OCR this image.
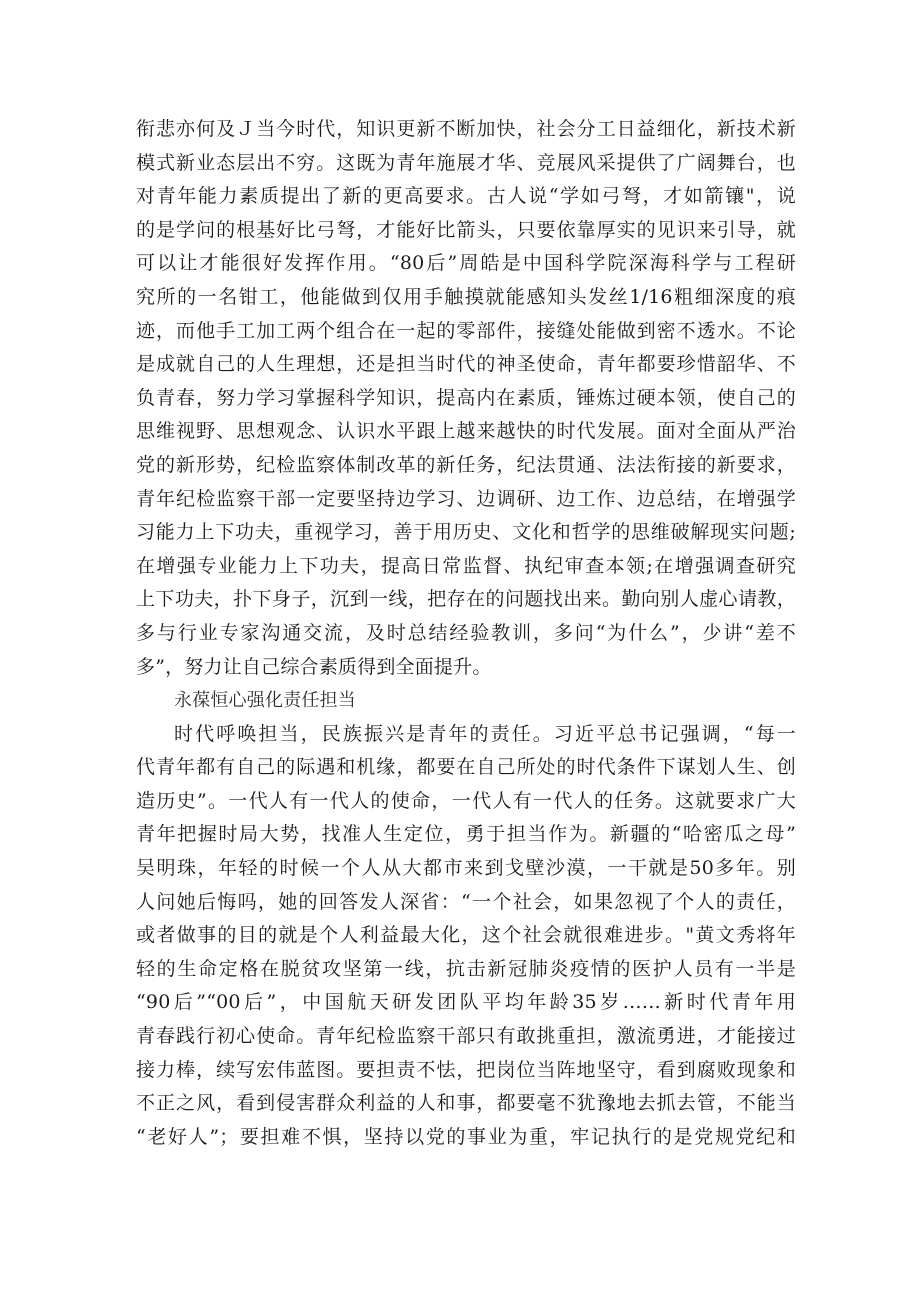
衔悲亦何及Ｊ当今时代，知识更新不断加快，社会分工日益细化，新技术新
模式新业态层出不穷。这既为青年施展才华、竞展风采提供了广阔舞台，也
对青年能力素质提出了新的更高要求。古人说“学如弓弩，才如箭镶"，说
的是学问的根基好比弓弩，才能好比箭头，只要依靠厚实的见识来引导，就
可以让才能很好发挥作用。“80后”周皓是中国科学院深海科学与工程研
究所的一名钳工，他能做到仅用手触摸就能感知头发丝1/16粗细深度的痕
迹，而他手工加工两个组合在一起的零部件，接缝处能做到密不透水。不论
是成就自己的人生理想，还是担当时代的神圣使命，青年都要珍惜韶华、不
负青春，努力学习掌握科学知识，提高内在素质，锤炼过硬本领，使自己的
思维视野、思想观念、认识水平跟上越来越快的时代发展。面对全面从严治
党的新形势，纪检监察体制改革的新任务，纪法贯通、法法衔接的新要求，
青年纪检监察干部一定要坚持边学习、边调研、边工作、边总结，在增强学
习能力上下功夫，重视学习，善于用历史、文化和哲学的思维破解现实问题;
在增强专业能力上下功夫，提高日常监督、执纪审查本领;在增强调查研究
上下功夫，扑下身子，沉到一线，把存在的问题找出来。勤向别人虚心请教，
多与行业专家沟通交流，及时总结经验教训，多问“为什么”，少讲“差不
多”，努力让自己综合素质得到全面提升。
永葆恒心强化责任担当
时代呼唤担当，民族振兴是青年的责任。习近平总书记强调，“每一
代青年都有自己的际遇和机缘，都要在自己所处的时代条件下谋划人生、创
造历史”。一代人有一代人的使命，一代人有一代人的任务。这就要求广大
青年把握时局大势，找准人生定位，勇于担当作为。新疆的“哈密瓜之母”
吴明珠，年轻的时候一个人从大都市来到戈壁沙漠，一干就是50多年。别
人问她后悔吗，她的回答发人深省：“一个社会，如果忽视了个人的责任，
或者做事的目的就是个人利益最大化，这个社会就很难进步。"黄文秀将年
轻的生命定格在脱贫攻坚第一线，抗击新冠肺炎疫情的医护人员有一半是
“90后”“00后”，中国航天研发团队平均年龄35岁……新时代青年用
青春践行初心使命。青年纪检监察干部只有敢挑重担，激流勇进，才能接过
接力棒，续写宏伟蓝图。要担责不怯，把岗位当阵地坚守，看到腐败现象和
不正之风，看到侵害群众利益的人和事，都要毫不犹豫地去抓去管，不能当
“老好人”；要担难不惧，坚持以党的事业为重，牢记执行的是党规党纪和
